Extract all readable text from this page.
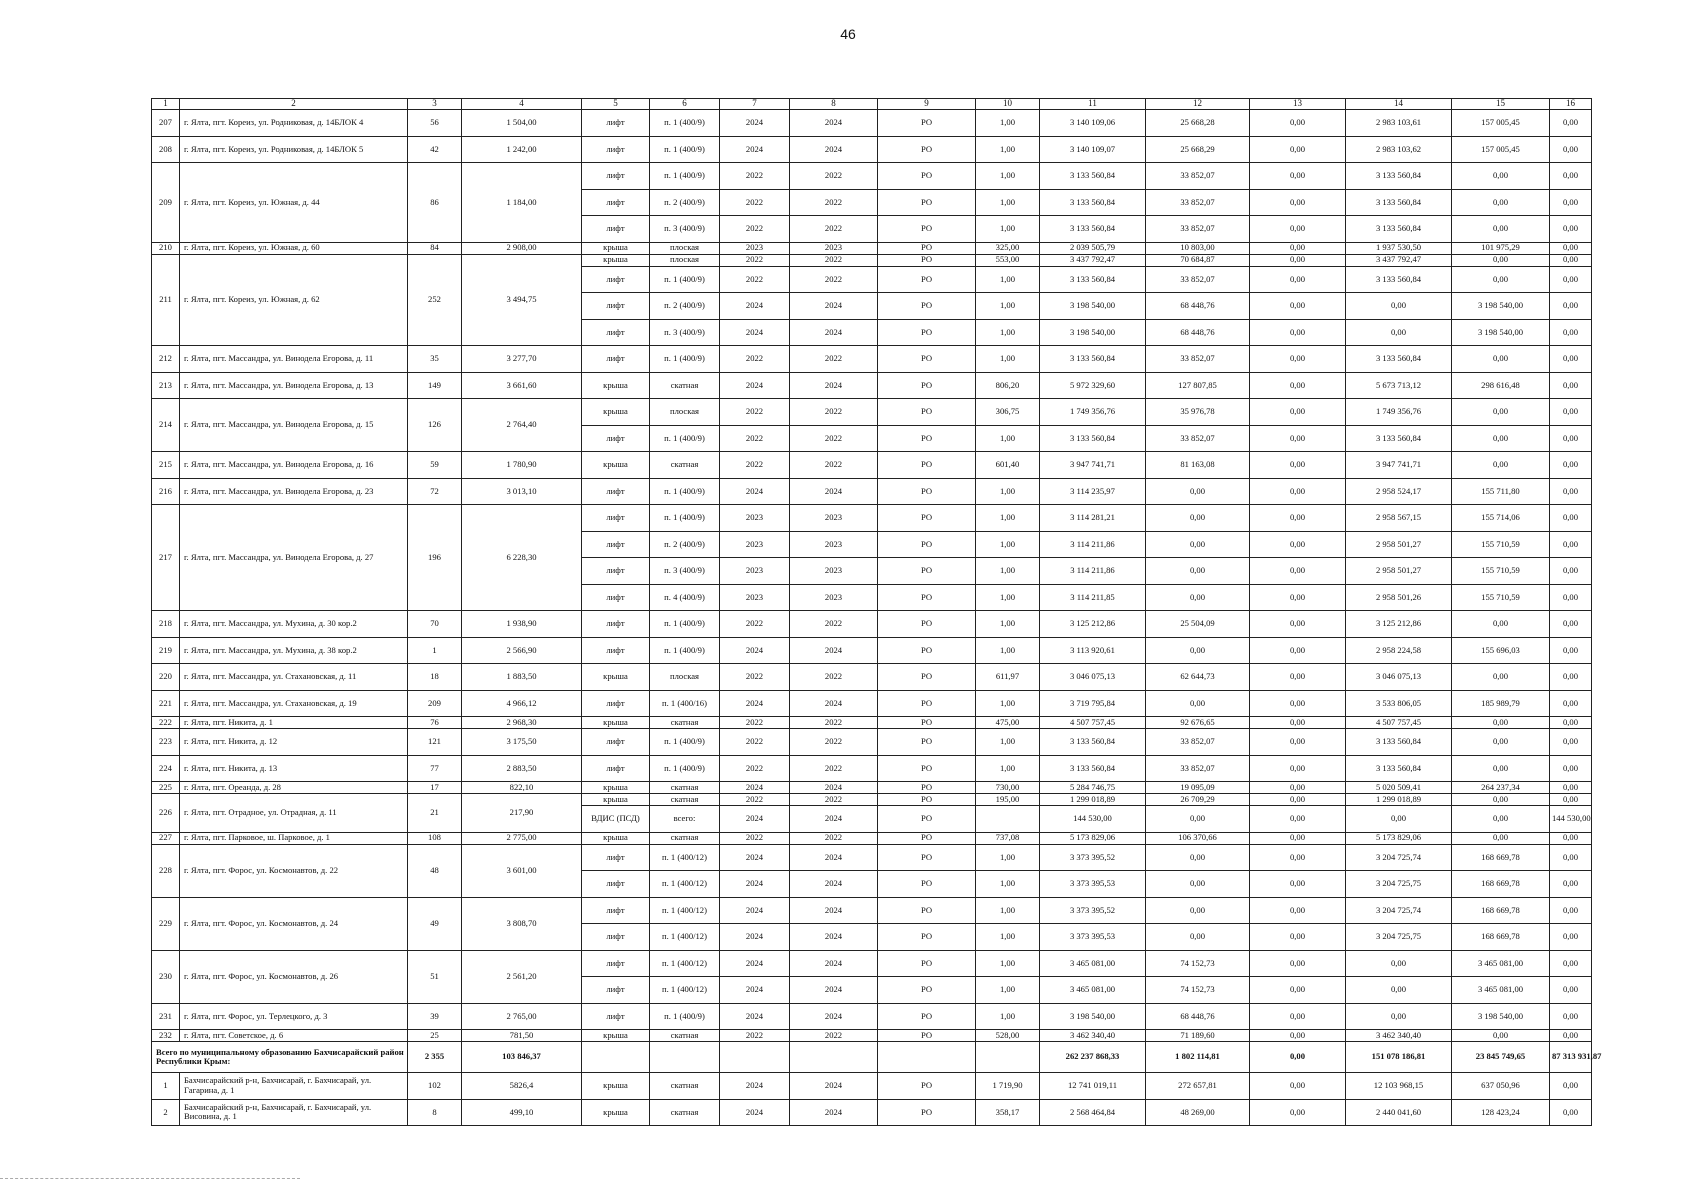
46
1	2	3	4	5	6	7	8	9	10	11	12	13	14	15	16
207	г. Ялта, пгт. Кореиз, ул. Родниковая, д. 14БЛОК 4	56	1 504,00	лифт	п. 1 (400/9)	2024	2024	РО	1,00	3 140 109,06	25 668,28	0,00	2 983 103,61	157 005,45	0,00
208	г. Ялта, пгт. Кореиз, ул. Родниковая, д. 14БЛОК 5	42	1 242,00	лифт	п. 1 (400/9)	2024	2024	РО	1,00	3 140 109,07	25 668,29	0,00	2 983 103,62	157 005,45	0,00
209	г. Ялта, пгт. Кореиз, ул. Южная, д. 44	86	1 184,00	лифт	п. 1 (400/9)	2022	2022	РО	1,00	3 133 560,84	33 852,07	0,00	3 133 560,84	0,00	0,00
				лифт	п. 2 (400/9)	2022	2022	РО	1,00	3 133 560,84	33 852,07	0,00	3 133 560,84	0,00	0,00
				лифт	п. 3 (400/9)	2022	2022	РО	1,00	3 133 560,84	33 852,07	0,00	3 133 560,84	0,00	0,00
210	г. Ялта, пгт. Кореиз, ул. Южная, д. 60	84	2 908,00	крыша	плоская	2023	2023	РО	325,00	2 039 505,79	10 803,00	0,00	1 937 530,50	101 975,29	0,00
211	г. Ялта, пгт. Кореиз, ул. Южная, д. 62	252	3 494,75	крыша	плоская	2022	2022	РО	553,00	3 437 792,47	70 684,87	0,00	3 437 792,47	0,00	0,00
				лифт	п. 1 (400/9)	2022	2022	РО	1,00	3 133 560,84	33 852,07	0,00	3 133 560,84	0,00	0,00
				лифт	п. 2 (400/9)	2024	2024	РО	1,00	3 198 540,00	68 448,76	0,00	0,00	3 198 540,00	0,00
				лифт	п. 3 (400/9)	2024	2024	РО	1,00	3 198 540,00	68 448,76	0,00	0,00	3 198 540,00	0,00
212	г. Ялта, пгт. Массандра, ул. Винодела Егорова, д. 11	35	3 277,70	лифт	п. 1 (400/9)	2022	2022	РО	1,00	3 133 560,84	33 852,07	0,00	3 133 560,84	0,00	0,00
213	г. Ялта, пгт. Массандра, ул. Винодела Егорова, д. 13	149	3 661,60	крыша	скатная	2024	2024	РО	806,20	5 972 329,60	127 807,85	0,00	5 673 713,12	298 616,48	0,00
214	г. Ялта, пгт. Массандра, ул. Винодела Егорова, д. 15	126	2 764,40	крыша	плоская	2022	2022	РО	306,75	1 749 356,76	35 976,78	0,00	1 749 356,76	0,00	0,00
				лифт	п. 1 (400/9)	2022	2022	РО	1,00	3 133 560,84	33 852,07	0,00	3 133 560,84	0,00	0,00
215	г. Ялта, пгт. Массандра, ул. Винодела Егорова, д. 16	59	1 780,90	крыша	скатная	2022	2022	РО	601,40	3 947 741,71	81 163,08	0,00	3 947 741,71	0,00	0,00
216	г. Ялта, пгт. Массандра, ул. Винодела Егорова, д. 23	72	3 013,10	лифт	п. 1 (400/9)	2024	2024	РО	1,00	3 114 235,97	0,00	0,00	2 958 524,17	155 711,80	0,00
217	г. Ялта, пгт. Массандра, ул. Винодела Егорова, д. 27	196	6 228,30	лифт	п. 1 (400/9)	2023	2023	РО	1,00	3 114 281,21	0,00	0,00	2 958 567,15	155 714,06	0,00
				лифт	п. 2 (400/9)	2023	2023	РО	1,00	3 114 211,86	0,00	0,00	2 958 501,27	155 710,59	0,00
				лифт	п. 3 (400/9)	2023	2023	РО	1,00	3 114 211,86	0,00	0,00	2 958 501,27	155 710,59	0,00
				лифт	п. 4 (400/9)	2023	2023	РО	1,00	3 114 211,85	0,00	0,00	2 958 501,26	155 710,59	0,00
218	г. Ялта, пгт. Массандра, ул. Мухина, д. 30 кор.2	70	1 938,90	лифт	п. 1 (400/9)	2022	2022	РО	1,00	3 125 212,86	25 504,09	0,00	3 125 212,86	0,00	0,00
219	г. Ялта, пгт. Массандра, ул. Мухина, д. 38 кор.2	1	2 566,90	лифт	п. 1 (400/9)	2024	2024	РО	1,00	3 113 920,61	0,00	0,00	2 958 224,58	155 696,03	0,00
220	г. Ялта, пгт. Массандра, ул. Стахановская, д. 11	18	1 883,50	крыша	плоская	2022	2022	РО	611,97	3 046 075,13	62 644,73	0,00	3 046 075,13	0,00	0,00
221	г. Ялта, пгт. Массандра, ул. Стахановская, д. 19	209	4 966,12	лифт	п. 1 (400/16)	2024	2024	РО	1,00	3 719 795,84	0,00	0,00	3 533 806,05	185 989,79	0,00
222	г. Ялта, пгт. Никита, д. 1	76	2 968,30	крыша	скатная	2022	2022	РО	475,00	4 507 757,45	92 676,65	0,00	4 507 757,45	0,00	0,00
223	г. Ялта, пгт. Никита, д. 12	121	3 175,50	лифт	п. 1 (400/9)	2022	2022	РО	1,00	3 133 560,84	33 852,07	0,00	3 133 560,84	0,00	0,00
224	г. Ялта, пгт. Никита, д. 13	77	2 883,50	лифт	п. 1 (400/9)	2022	2022	РО	1,00	3 133 560,84	33 852,07	0,00	3 133 560,84	0,00	0,00
225	г. Ялта, пгт. Ореанда, д. 28	17	822,10	крыша	скатная	2024	2024	РО	730,00	5 284 746,75	19 095,09	0,00	5 020 509,41	264 237,34	0,00
226	г. Ялта, пгт. Отрадное, ул. Отрадная, д. 11	21	217,90	крыша	скатная	2022	2022	РО	195,00	1 299 018,89	26 709,29	0,00	1 299 018,89	0,00	0,00
				ВДИС (ПСД)	всего:	2024	2024	РО		144 530,00	0,00	0,00	0,00	0,00	144 530,00
227	г. Ялта, пгт. Парковое, ш. Парковое, д. 1	108	2 775,00	крыша	скатная	2022	2022	РО	737,08	5 173 829,06	106 370,66	0,00	5 173 829,06	0,00	0,00
228	г. Ялта, пгт. Форос, ул. Космонавтов, д. 22	48	3 601,00	лифт	п. 1 (400/12)	2024	2024	РО	1,00	3 373 395,52	0,00	0,00	3 204 725,74	168 669,78	0,00
				лифт	п. 1 (400/12)	2024	2024	РО	1,00	3 373 395,53	0,00	0,00	3 204 725,75	168 669,78	0,00
229	г. Ялта, пгт. Форос, ул. Космонавтов, д. 24	49	3 808,70	лифт	п. 1 (400/12)	2024	2024	РО	1,00	3 373 395,52	0,00	0,00	3 204 725,74	168 669,78	0,00
				лифт	п. 1 (400/12)	2024	2024	РО	1,00	3 373 395,53	0,00	0,00	3 204 725,75	168 669,78	0,00
230	г. Ялта, пгт. Форос, ул. Космонавтов, д. 26	51	2 561,20	лифт	п. 1 (400/12)	2024	2024	РО	1,00	3 465 081,00	74 152,73	0,00	0,00	3 465 081,00	0,00
				лифт	п. 1 (400/12)	2024	2024	РО	1,00	3 465 081,00	74 152,73	0,00	0,00	3 465 081,00	0,00
231	г. Ялта, пгт. Форос, ул. Терлецкого, д. 3	39	2 765,00	лифт	п. 1 (400/9)	2024	2024	РО	1,00	3 198 540,00	68 448,76	0,00	0,00	3 198 540,00	0,00
232	г. Ялта, пгт. Советское, д. 6	25	781,50	крыша	скатная	2022	2022	РО	528,00	3 462 340,40	71 189,60	0,00	3 462 340,40	0,00	0,00
Всего по муниципальному образованию Бахчисарайский район Республики Крым:		2 355	103 846,37							262 237 868,33	1 802 114,81	0,00	151 078 186,81	23 845 749,65	87 313 931,87
1	Бахчисарайский р-н, Бахчисарай, г. Бахчисарай, ул. Гагарина, д. 1	102	5826,4	крыша	скатная	2024	2024	РО	1 719,90	12 741 019,11	272 657,81	0,00	12 103 968,15	637 050,96	0,00
2	Бахчисарайский р-н, Бахчисарай, г. Бахчисарай, ул. Висовина, д. 1	8	499,10	крыша	скатная	2024	2024	РО	358,17	2 568 464,84	48 269,00	0,00	2 440 041,60	128 423,24	0,00
